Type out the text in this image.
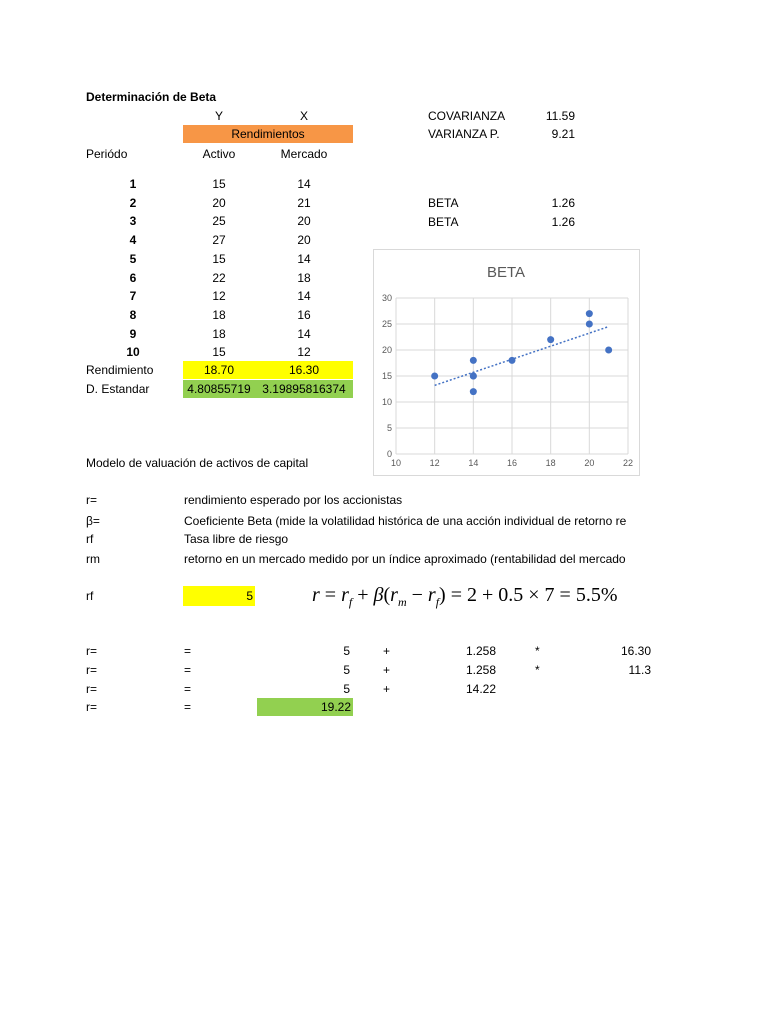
Determinación de Beta
Y	X
Rendimientos
Periódo	Activo	Mercado
1	15	14
2	20	21
3	25	20
4	27	20
5	15	14
6	22	18
7	12	14
8	18	16
9	18	14
10	15	12
Rendimiento	18.70	16.30
D. Estandar	4.80855719 3.19895816374
COVARIANZA	11.59
VARIANZA P.	9.21
BETA	1.26
BETA	1.26
BETA
0
5
10
15
20
25
30
10	12	14	16	18	20	22
Modelo de valuación de activos de capital
r=	rendimiento esperado por los accionistas
β=	Coeficiente Beta (mide la volatilidad histórica de una acción individual de retorno re
rf	Tasa libre de riesgo
rm	retorno en un mercado medido por un índice aproximado (rentabilidad del mercado
rf	5	$r = r_f + \beta(r_m - r_f) = 2 + 0.5 \times 7 = 5.5\%$
r=	=	5	+	1.258	*	16.30
r=	=	5	+	1.258	*	11.3
r=	=	5	+	14.22
r=	=	19.22
